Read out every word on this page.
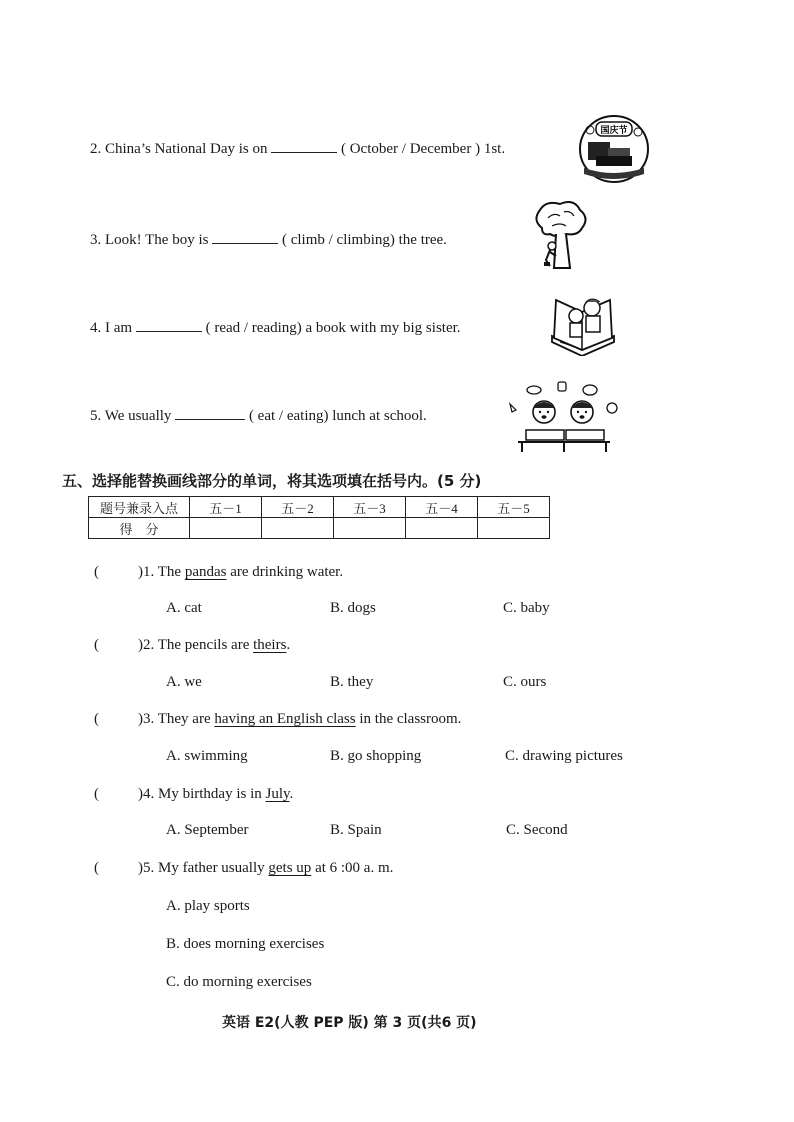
2. China’s National Day is on	( October / December ) 1st.
3. Look! The boy is	( climb / climbing) the tree.
4. I am	( read / reading) a book with my big sister.
5. We usually	( eat / eating) lunch at school.
国庆节
五、选择能替换画线部分的单词，将其选项填在括号内。(5 分)
题号兼录入点	五－1	五－2	五－3	五－4	五－5
得　分					
(	)1. The pandas are drinking water.
A. cat	B. dogs	C. baby
(	)2. The pencils are theirs.
A. we	B. they	C. ours
(	)3. They are having an English class in the classroom.
A. swimming	B. go shopping	C. drawing pictures
(	)4. My birthday is in July.
A. September	B. Spain	C. Second
(	)5. My father usually gets up at 6 :00 a. m.
A. play sports
B. does morning exercises
C. do morning exercises
英语 E2(人教 PEP 版) 第 3 页(共6 页)
